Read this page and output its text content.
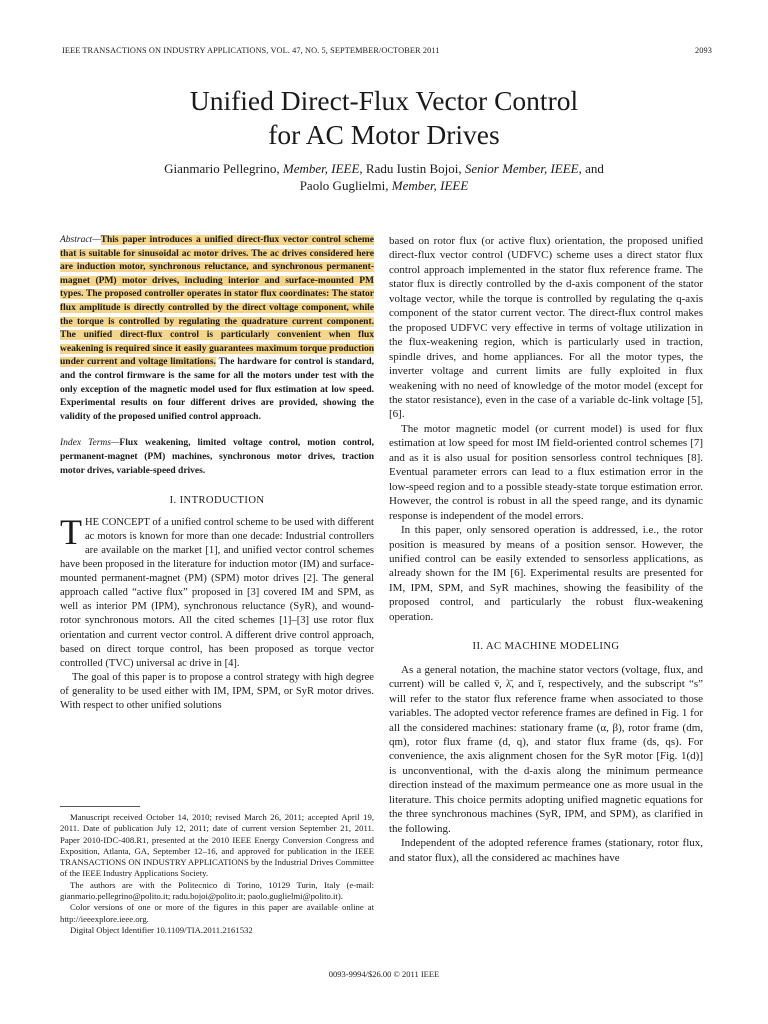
IEEE TRANSACTIONS ON INDUSTRY APPLICATIONS, VOL. 47, NO. 5, SEPTEMBER/OCTOBER 2011	2093
Unified Direct-Flux Vector Control
for AC Motor Drives
Gianmario Pellegrino, Member, IEEE, Radu Iustin Bojoi, Senior Member, IEEE, and
Paolo Guglielmi, Member, IEEE

Abstract—This paper introduces a unified direct-flux vector control scheme that is suitable for sinusoidal ac motor drives. The ac drives considered here are induction motor, synchronous reluctance, and synchronous permanent-magnet (PM) motor drives, including interior and surface-mounted PM types. The proposed controller operates in stator flux coordinates: The stator flux amplitude is directly controlled by the direct voltage component, while the torque is controlled by regulating the quadrature current component. The unified direct-flux control is particularly convenient when flux weakening is required since it easily guarantees maximum torque production under current and voltage limitations. The hardware for control is standard, and the control firmware is the same for all the motors under test with the only exception of the magnetic model used for flux estimation at low speed. Experimental results on four different drives are provided, showing the validity of the proposed unified control approach.

Index Terms—Flux weakening, limited voltage control, motion control, permanent-magnet (PM) machines, synchronous motor drives, traction motor drives, variable-speed drives.

I. INTRODUCTION

THE CONCEPT of a unified control scheme to be used with different ac motors is known for more than one decade: Industrial controllers are available on the market [1], and unified vector control schemes have been proposed in the literature for induction motor (IM) and surface-mounted permanent-magnet (PM) (SPM) motor drives [2]. The general approach called “active flux” proposed in [3] covered IM and SPM, as well as interior PM (IPM), synchronous reluctance (SyR), and wound-rotor synchronous motors. All the cited schemes [1]–[3] use rotor flux orientation and current vector control. A different drive control approach, based on direct torque control, has been proposed as torque vector controlled (TVC) universal ac drive in [4].

The goal of this paper is to propose a control strategy with high degree of generality to be used either with IM, IPM, SPM, or SyR motor drives. With respect to other unified solutions

based on rotor flux (or active flux) orientation, the proposed unified direct-flux vector control (UDFVC) scheme uses a direct stator flux control approach implemented in the stator flux reference frame. The stator flux is directly controlled by the d-axis component of the stator voltage vector, while the torque is controlled by regulating the q-axis component of the stator current vector. The direct-flux control makes the proposed UDFVC very effective in terms of voltage utilization in the flux-weakening region, which is particularly used in traction, spindle drives, and home appliances. For all the motor types, the inverter voltage and current limits are fully exploited in flux weakening with no need of knowledge of the motor model (except for the stator resistance), even in the case of a variable dc-link voltage [5], [6].

The motor magnetic model (or current model) is used for flux estimation at low speed for most IM field-oriented control schemes [7] and as it is also usual for position sensorless control techniques [8]. Eventual parameter errors can lead to a flux estimation error in the low-speed region and to a possible steady-state torque estimation error. However, the control is robust in all the speed range, and its dynamic response is independent of the model errors.

In this paper, only sensored operation is addressed, i.e., the rotor position is measured by means of a position sensor. However, the unified control can be easily extended to sensorless applications, as already shown for the IM [6]. Experimental results are presented for IM, IPM, SPM, and SyR machines, showing the feasibility of the proposed control, and particularly the robust flux-weakening operation.

II. AC MACHINE MODELING

As a general notation, the machine stator vectors (voltage, flux, and current) will be called v̄, λ̄, and ī, respectively, and the subscript “s” will refer to the stator flux reference frame when associated to those variables. The adopted vector reference frames are defined in Fig. 1 for all the considered machines: stationary frame (α, β), rotor frame (dm, qm), rotor flux frame (d, q), and stator flux frame (ds, qs). For convenience, the axis alignment chosen for the SyR motor [Fig. 1(d)] is unconventional, with the d-axis along the minimum permeance direction instead of the maximum permeance one as more usual in the literature. This choice permits adopting unified magnetic equations for the three synchronous machines (SyR, IPM, and SPM), as clarified in the following.

Independent of the adopted reference frames (stationary, rotor flux, and stator flux), all the considered ac machines have

Manuscript received October 14, 2010; revised March 26, 2011; accepted April 19, 2011. Date of publication July 12, 2011; date of current version September 21, 2011. Paper 2010-IDC-408.R1, presented at the 2010 IEEE Energy Conversion Congress and Exposition, Atlanta, GA, September 12–16, and approved for publication in the IEEE TRANSACTIONS ON INDUSTRY APPLICATIONS by the Industrial Drives Committee of the IEEE Industry Applications Society.

The authors are with the Politecnico di Torino, 10129 Turin, Italy (e-mail: gianmario.pellegrino@polito.it; radu.bojoi@polito.it; paolo.guglielmi@polito.it).

Color versions of one or more of the figures in this paper are available online at http://ieeexplore.ieee.org.

Digital Object Identifier 10.1109/TIA.2011.2161532

0093-9994/$26.00 © 2011 IEEE
